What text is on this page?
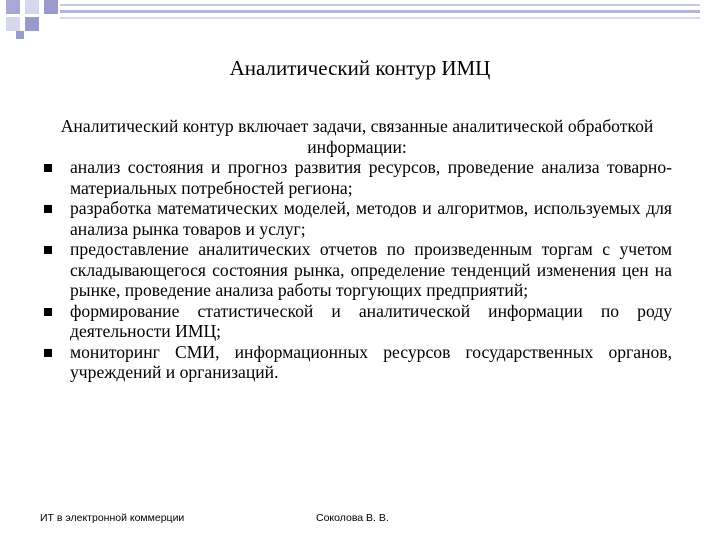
Аналитический контур ИМЦ

Аналитический контур включает задачи, связанные аналитической обработкой информации:

анализ состояния и прогноз развития ресурсов, проведение анализа товарно-материальных потребностей региона;
разработка математических моделей, методов и алгоритмов, используемых для анализа рынка товаров и услуг;
предоставление аналитических отчетов по произведенным торгам с учетом складывающегося состояния рынка, определение тенденций изменения цен на рынке, проведение анализа работы торгующих предприятий;
формирование статистической и аналитической информации по роду деятельности ИМЦ;
мониторинг СМИ, информационных ресурсов государственных органов, учреждений и организаций.
ИТ в электронной коммерции	Соколова В. В.
